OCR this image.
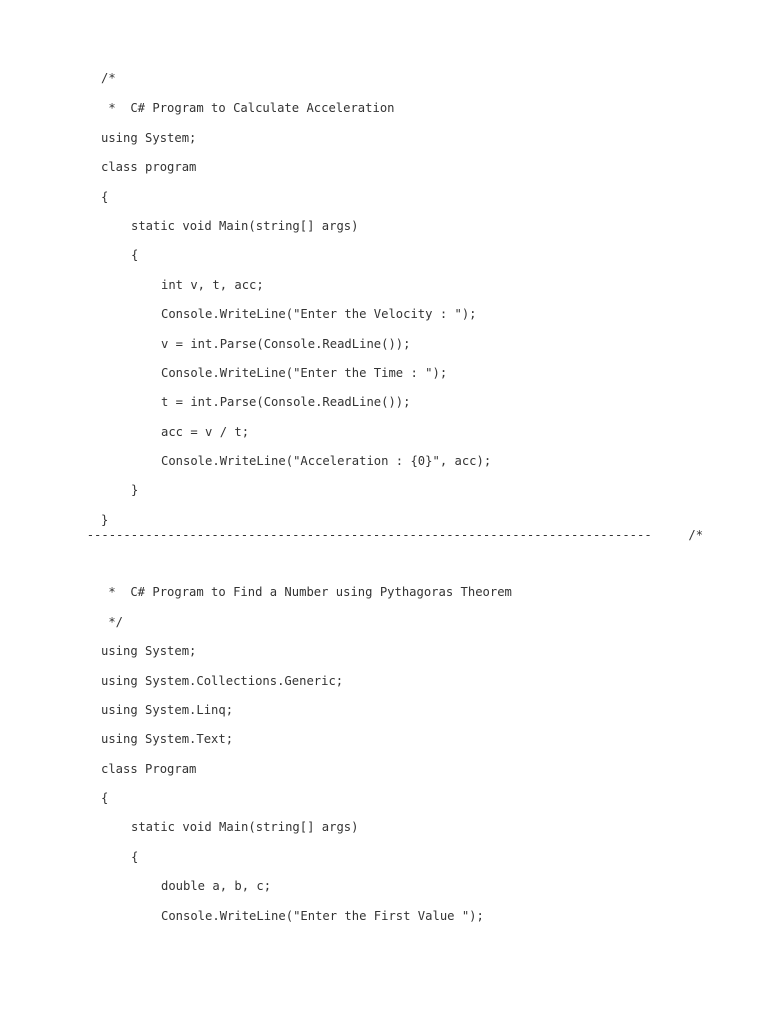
/*
*  C# Program to Calculate Acceleration
using System;
class program
{
static void Main(string[] args)
{
int v, t, acc;
Console.WriteLine("Enter the Velocity : ");
v = int.Parse(Console.ReadLine());
Console.WriteLine("Enter the Time : ");
t = int.Parse(Console.ReadLine());
acc = v / t;
Console.WriteLine("Acceleration : {0}", acc);
}
}
-----------------------------------------------------------------------------     /*
*  C# Program to Find a Number using Pythagoras Theorem
*/
using System;
using System.Collections.Generic;
using System.Linq;
using System.Text;
class Program
{
static void Main(string[] args)
{
double a, b, c;
Console.WriteLine("Enter the First Value ");
